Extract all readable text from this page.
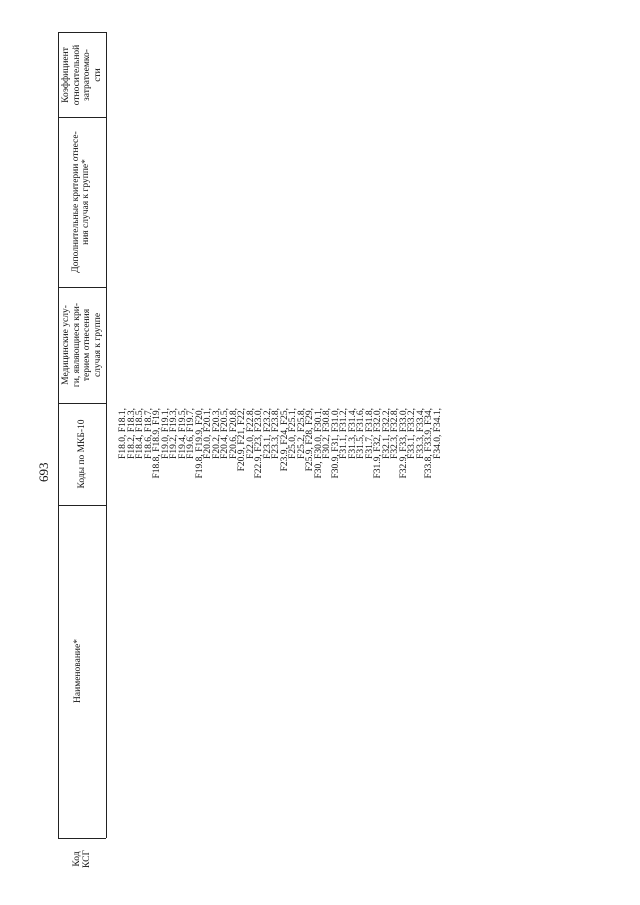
693
Код КСГ
Наименование*
Коды по МКБ-10
Медицинские услу- ги, являющиеся кри- терием отнесения случая к группе
Дополнительные критерии отнесе- ния случая к группе*
Коэффициент относительной затратоемко- сти
F18.0, F18.1,
F18.2, F18.3,
F18.4, F18.5,
F18.6, F18.7,
F18.8, F18.9, F19,
F19.0, F19.1,
F19.2, F19.3,
F19.4, F19.5,
F19.6, F19.7,
F19.8, F19.9, F20,
F20.0, F20.1,
F20.2, F20.3,
F20.4, F20.5,
F20.6, F20.8,
F20.9, F21, F22,
F22.0, F22.8,
F22.9, F23, F23.0,
F23.1, F23.2,
F23.3, F23.8,
F23.9, F24, F25,
F25.0, F25.1,
F25.2, F25.8,
F25.9, F28, F29,
F30, F30.0, F30.1,
F30.2, F30.8,
F30.9, F31, F31.0,
F31.1, F31.2,
F31.3, F31.4,
F31.5, F31.6,
F31.7, F31.8,
F31.9, F32, F32.0,
F32.1, F32.2,
F32.3, F32.8,
F32.9, F33, F33.0,
F33.1, F33.2,
F33.3, F33.4,
F33.8, F33.9, F34,
F34.0, F34.1,
